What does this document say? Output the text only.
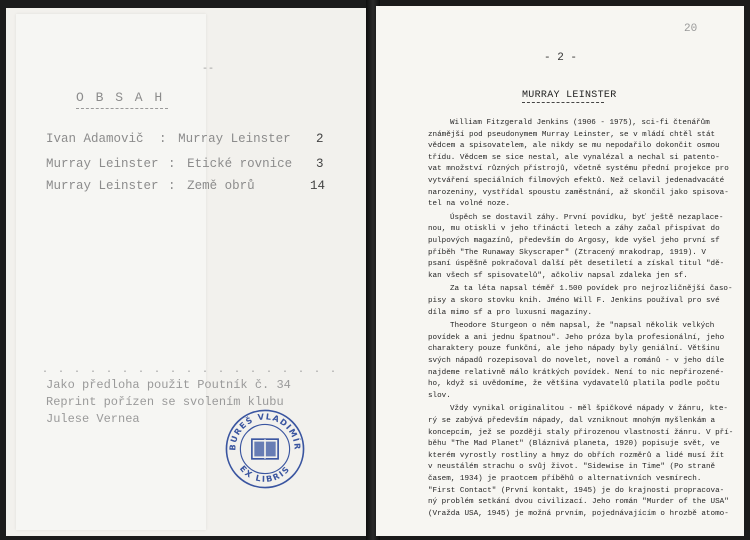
--
O B S A H
Ivan Adamovič : Murray Leinster 2
Murray Leinster : Etické rovnice 3
Murray Leinster : Země obrů	14
. . . . . . . . . . . . . . . . . . .
Jako předloha použit Poutník č. 34
Reprint pořízen se svolením klubu
Julese Vernea
BUREŠ VLADIMÍR
EX LIBRIS
20
- 2 -
MURRAY LEINSTER
William Fitzgerald Jenkins (1906 - 1975), sci-fi čtenářům
známější pod pseudonymem Murray Leinster, se v mládí chtěl stát
vědcem a spisovatelem, ale nikdy se mu nepodařilo dokončit osmou
třídu. Vědcem se sice nestal, ale vynalézal a nechal si patento-
vat množství různých přístrojů, včetně systému přední projekce pro
vytváření speciálních filmových efektů. Než celavil jedenadvacáté
narozeniny, vystřídal spoustu zaměstnání, až skončil jako spisova-
tel na volné noze.
Úspěch se dostavil záhy. První povídku, byť ještě nezaplace-
nou, mu otiskli v jeho třinácti letech a záhy začal přispívat do
pulpových magazínů, především do Argosy, kde vyšel jeho první sf
příběh "The Runaway Skyscraper" (Ztracený mrakodrap, 1919). V
psaní úspěšně pokračoval další pět desetiletí a získal titul "dě-
kan všech sf spisovatelů", ačkoliv napsal zdaleka jen sf.
Za ta léta napsal téměř 1.500 povídek pro nejrozličnější časo-
pisy a skoro stovku knih. Jméno Will F. Jenkins používal pro své
díla mimo sf a pro luxusní magazíny.
Theodore Sturgeon o něm napsal, že "napsal několik velkých
povídek a ani jednu špatnou". Jeho próza byla profesionální, jeho
charaktery pouze funkční, ale jeho nápady byly geniální. Většinu
svých nápadů rozepisoval do novelet, novel a románů - v jeho díle
najdeme relativně málo krátkých povídek. Není to nic nepřirozené-
ho, když si uvědomíme, že většina vydavatelů platila podle počtu
slov.
Vždy vynikal originalitou - měl špičkové nápady v žánru, kte-
rý se zabývá především nápady, dal vzniknout mnohým myšlenkám a
koncepcím, jež se později staly přirozenou vlastností žánru. V pří-
běhu "The Mad Planet" (Bláznivá planeta, 1920) popisuje svět, ve
kterém vyrostly rostliny a hmyz do obřích rozměrů a lidé musí žít
v neustálém strachu o svůj život. "Sidewise in Time" (Po straně
časem, 1934) je praotcem příběhů o alternativních vesmírech.
"First Contact" (První kontakt, 1945) je do krajnosti propracova-
ný problém setkání dvou civilizací. Jeho román "Murder of the USA"
(Vražda USA, 1945) je možná prvním, pojednávajícím o hrozbě atomo-
